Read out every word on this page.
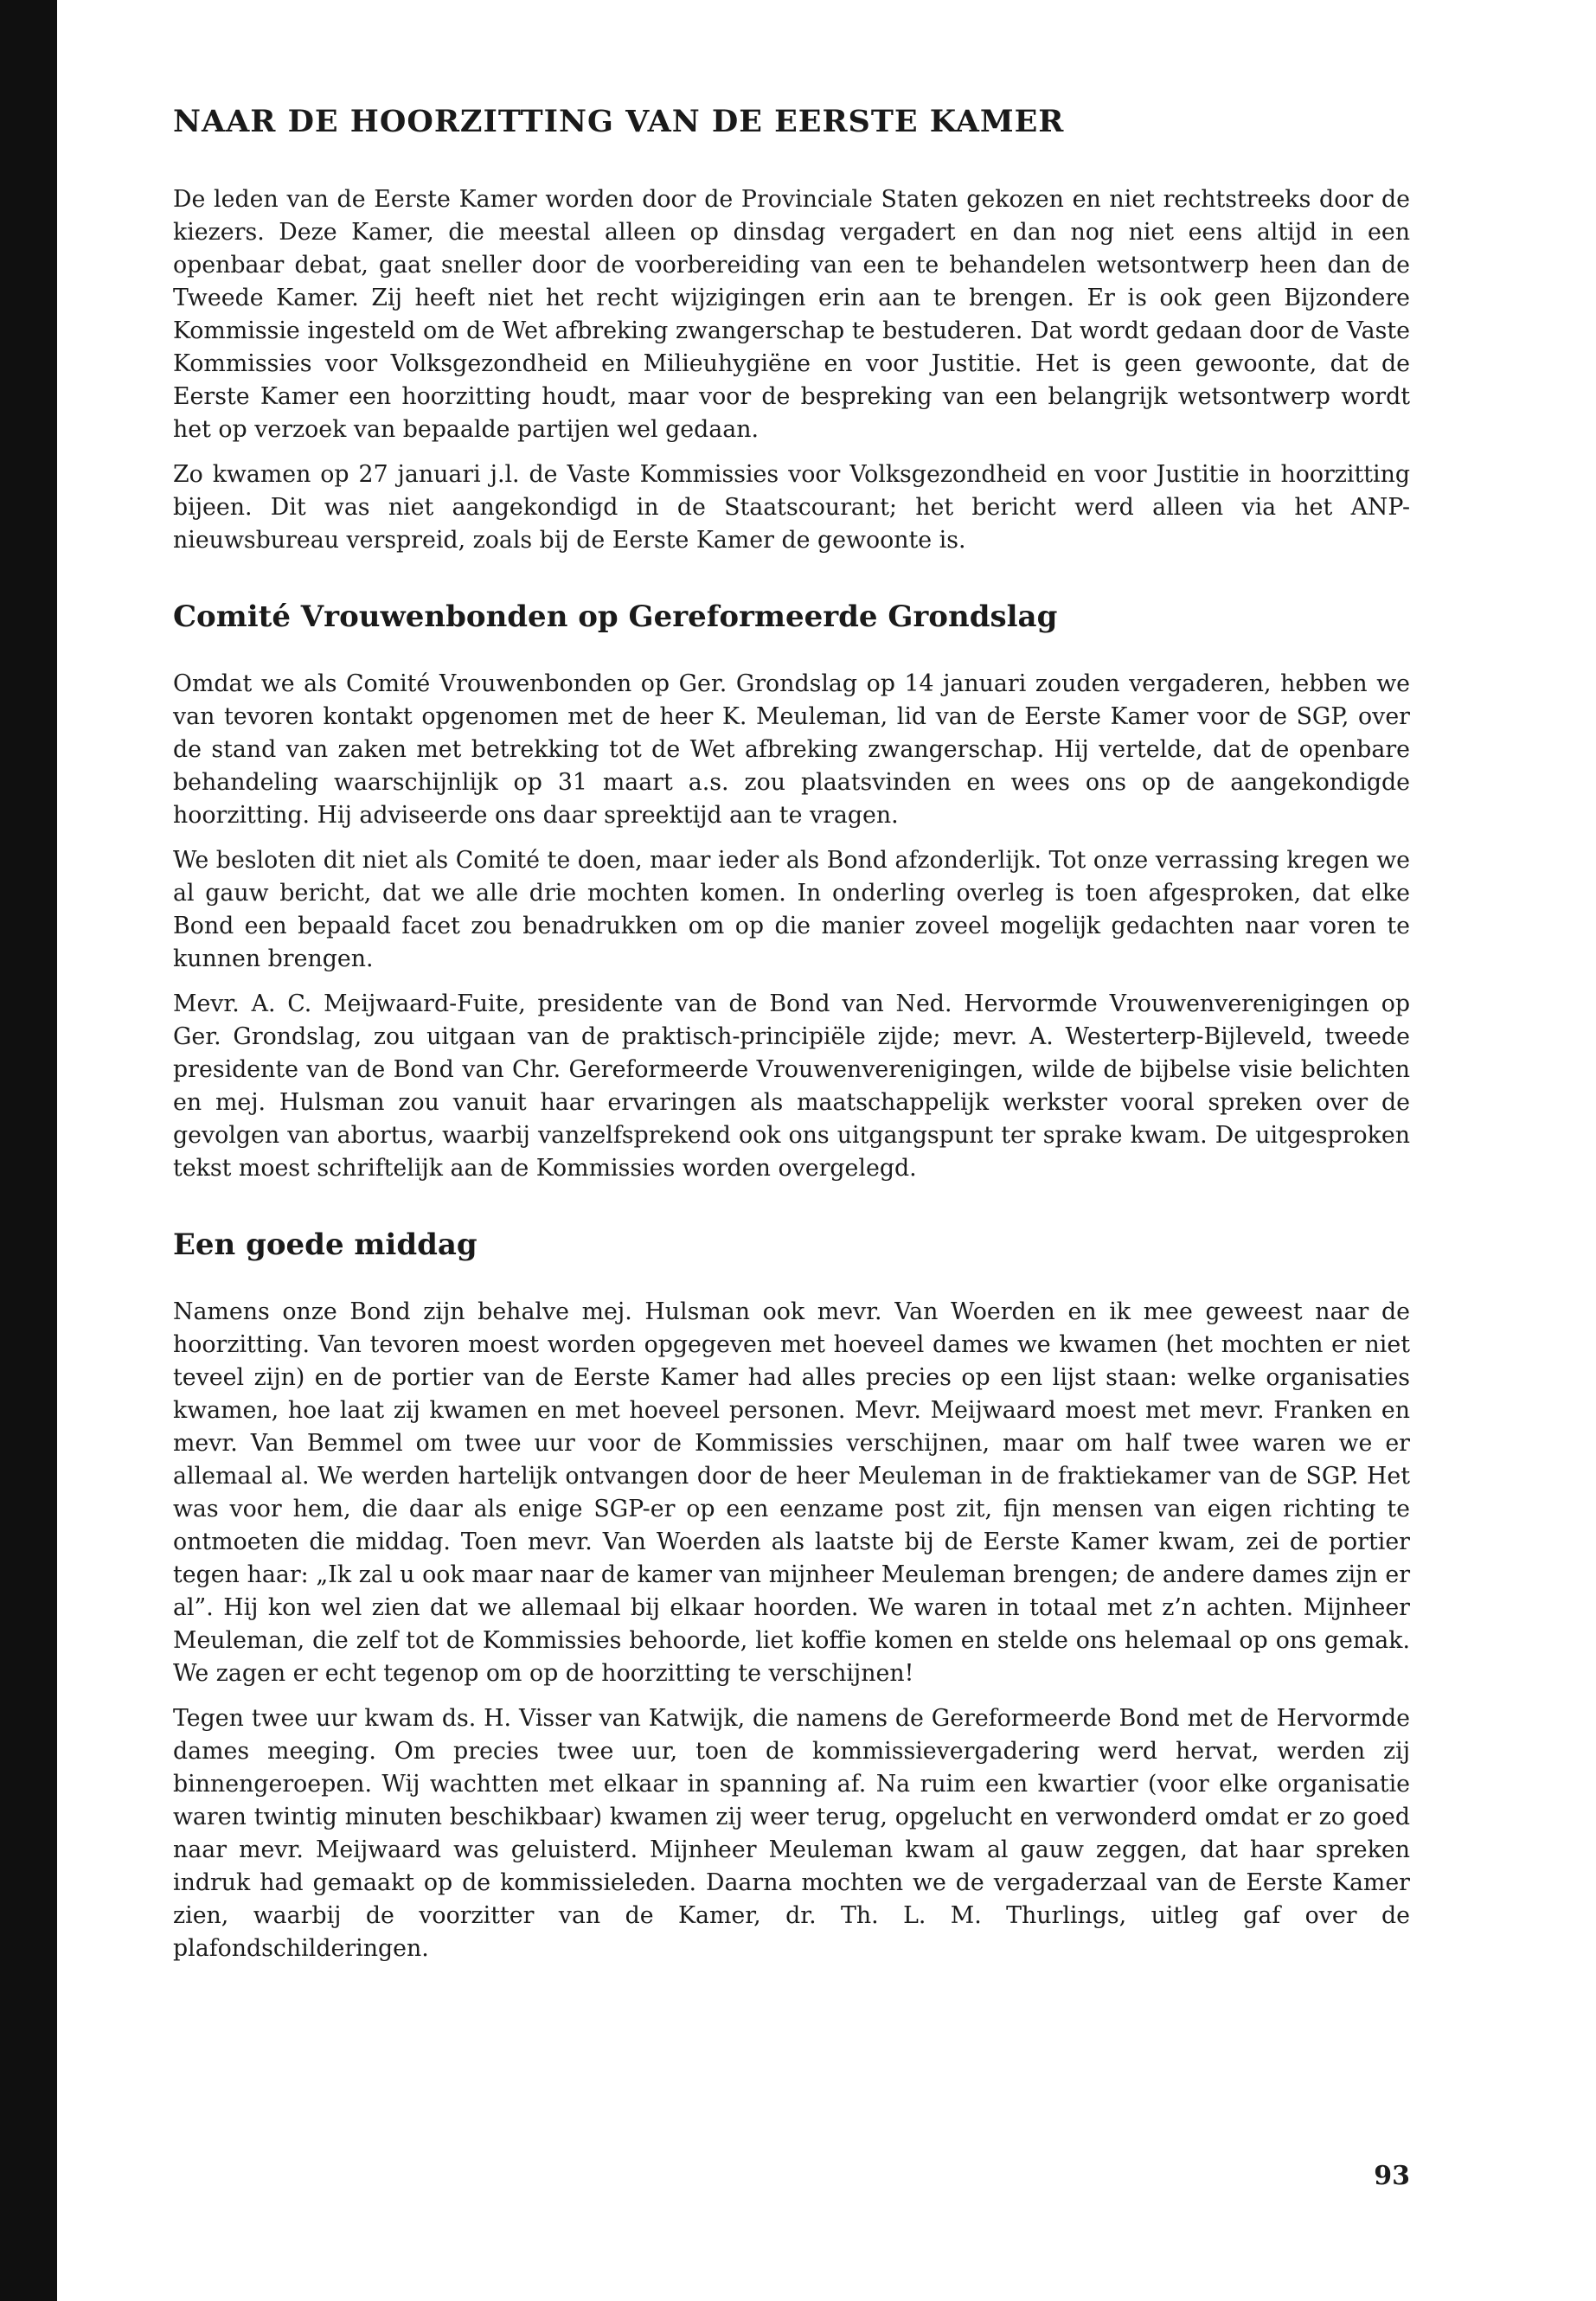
NAAR DE HOORZITTING VAN DE EERSTE KAMER

De leden van de Eerste Kamer worden door de Provinciale Staten gekozen en niet rechtstreeks door de kiezers. Deze Kamer, die meestal alleen op dinsdag vergadert en dan nog niet eens altijd in een openbaar debat, gaat sneller door de voorbereiding van een te behandelen wetsontwerp heen dan de Tweede Kamer. Zij heeft niet het recht wijzigingen erin aan te brengen. Er is ook geen Bijzondere Kommissie ingesteld om de Wet afbreking zwangerschap te bestuderen. Dat wordt gedaan door de Vaste Kommissies voor Volksgezondheid en Milieuhygiëne en voor Justitie. Het is geen gewoonte, dat de Eerste Kamer een hoorzitting houdt, maar voor de bespreking van een belangrijk wetsontwerp wordt het op verzoek van bepaalde partijen wel gedaan.

Zo kwamen op 27 januari j.l. de Vaste Kommissies voor Volksgezondheid en voor Justitie in hoorzitting bijeen. Dit was niet aangekondigd in de Staatscourant; het bericht werd alleen via het ANP-nieuwsbureau verspreid, zoals bij de Eerste Kamer de gewoonte is.

Comité Vrouwenbonden op Gereformeerde Grondslag

Omdat we als Comité Vrouwenbonden op Ger. Grondslag op 14 januari zouden vergaderen, hebben we van tevoren kontakt opgenomen met de heer K. Meuleman, lid van de Eerste Kamer voor de SGP, over de stand van zaken met betrekking tot de Wet afbreking zwangerschap. Hij vertelde, dat de openbare behandeling waarschijnlijk op 31 maart a.s. zou plaatsvinden en wees ons op de aangekondigde hoorzitting. Hij adviseerde ons daar spreektijd aan te vragen.

We besloten dit niet als Comité te doen, maar ieder als Bond afzonderlijk. Tot onze verrassing kregen we al gauw bericht, dat we alle drie mochten komen. In onderling overleg is toen afgesproken, dat elke Bond een bepaald facet zou benadrukken om op die manier zoveel mogelijk gedachten naar voren te kunnen brengen.

Mevr. A. C. Meijwaard-Fuite, presidente van de Bond van Ned. Hervormde Vrouwenverenigingen op Ger. Grondslag, zou uitgaan van de praktisch-principiële zijde; mevr. A. Westerterp-Bijleveld, tweede presidente van de Bond van Chr. Gereformeerde Vrouwenverenigingen, wilde de bijbelse visie belichten en mej. Hulsman zou vanuit haar ervaringen als maatschappelijk werkster vooral spreken over de gevolgen van abortus, waarbij vanzelfsprekend ook ons uitgangspunt ter sprake kwam. De uitgesproken tekst moest schriftelijk aan de Kommissies worden overgelegd.

Een goede middag

Namens onze Bond zijn behalve mej. Hulsman ook mevr. Van Woerden en ik mee geweest naar de hoorzitting. Van tevoren moest worden opgegeven met hoeveel dames we kwamen (het mochten er niet teveel zijn) en de portier van de Eerste Kamer had alles precies op een lijst staan: welke organisaties kwamen, hoe laat zij kwamen en met hoeveel personen. Mevr. Meijwaard moest met mevr. Franken en mevr. Van Bemmel om twee uur voor de Kommissies verschijnen, maar om half twee waren we er allemaal al. We werden hartelijk ontvangen door de heer Meuleman in de fraktiekamer van de SGP. Het was voor hem, die daar als enige SGP-er op een eenzame post zit, fijn mensen van eigen richting te ontmoeten die middag. Toen mevr. Van Woerden als laatste bij de Eerste Kamer kwam, zei de portier tegen haar: „Ik zal u ook maar naar de kamer van mijnheer Meuleman brengen; de andere dames zijn er al”. Hij kon wel zien dat we allemaal bij elkaar hoorden. We waren in totaal met z’n achten. Mijnheer Meuleman, die zelf tot de Kommissies behoorde, liet koffie komen en stelde ons helemaal op ons gemak. We zagen er echt tegenop om op de hoorzitting te verschijnen!

Tegen twee uur kwam ds. H. Visser van Katwijk, die namens de Gereformeerde Bond met de Hervormde dames meeging. Om precies twee uur, toen de kommissievergadering werd hervat, werden zij binnengeroepen. Wij wachtten met elkaar in spanning af. Na ruim een kwartier (voor elke organisatie waren twintig minuten beschikbaar) kwamen zij weer terug, opgelucht en verwonderd omdat er zo goed naar mevr. Meijwaard was geluisterd. Mijnheer Meuleman kwam al gauw zeggen, dat haar spreken indruk had gemaakt op de kommissieleden. Daarna mochten we de vergaderzaal van de Eerste Kamer zien, waarbij de voorzitter van de Kamer, dr. Th. L. M. Thurlings, uitleg gaf over de plafondschilderingen.

93
